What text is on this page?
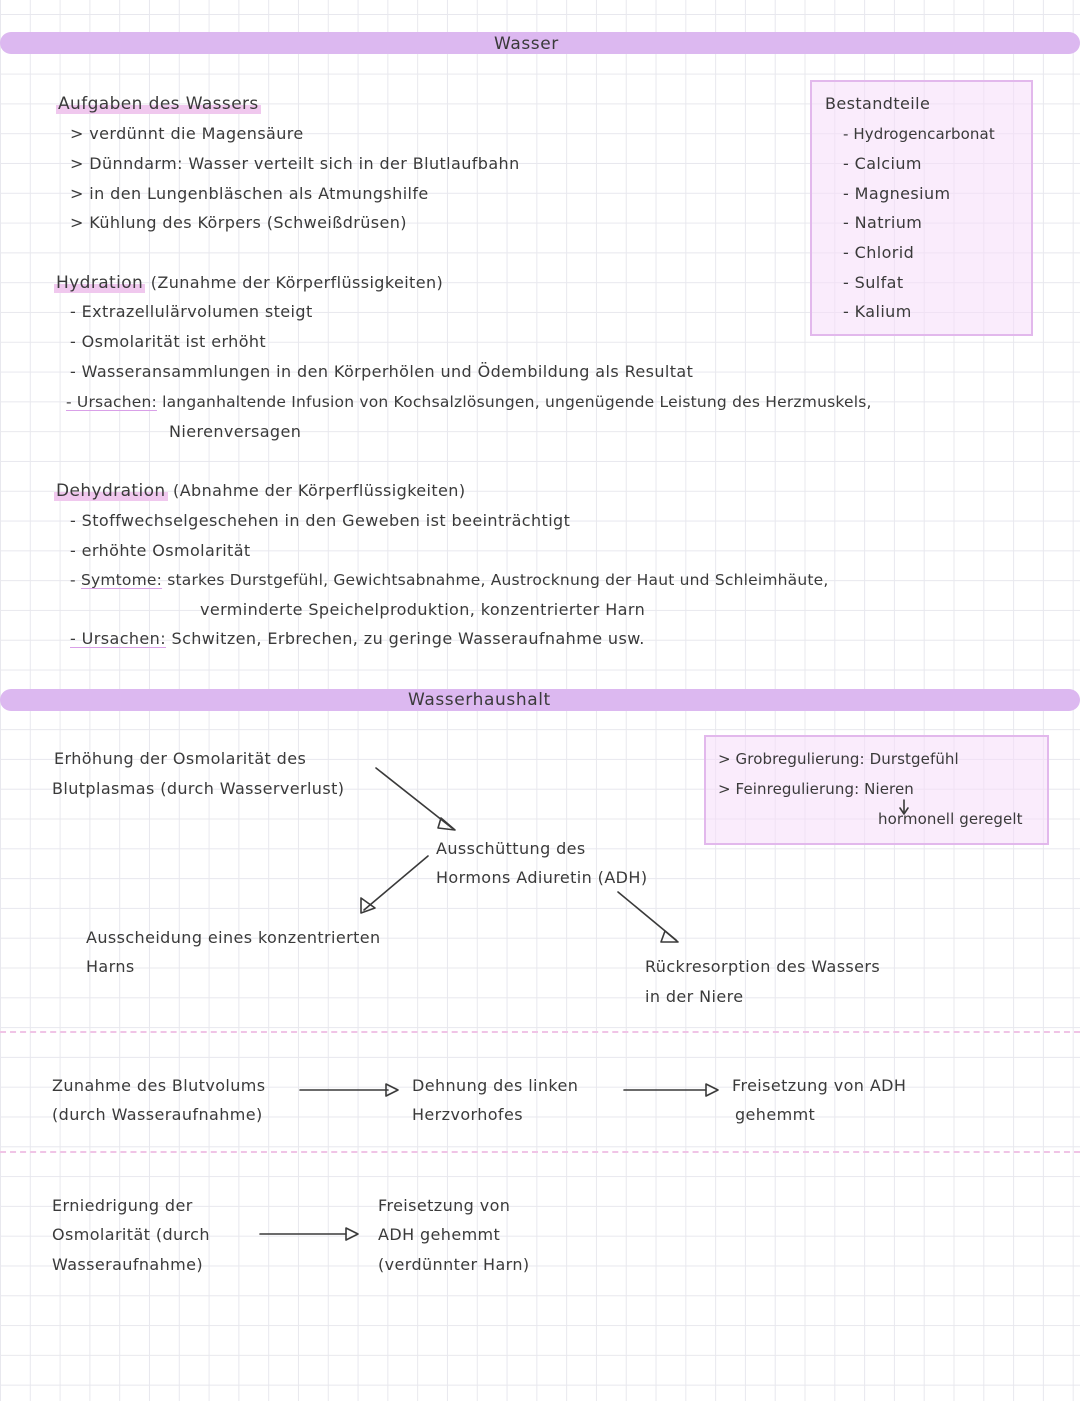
Wasser
Aufgaben des Wassers
> verdünnt die Magensäure
> Dünndarm: Wasser verteilt sich in der Blutlaufbahn
> in den Lungenbläschen als Atmungshilfe
> Kühlung des Körpers (Schweißdrüsen)
Bestandteile
- Hydrogencarbonat
- Calcium
- Magnesium
- Natrium
- Chlorid
- Sulfat
- Kalium
Hydration (Zunahme der Körperflüssigkeiten)
- Extrazellulärvolumen steigt
- Osmolarität ist erhöht
- Wasseransammlungen in den Körperhölen und Ödembildung als Resultat
- Ursachen: langanhaltende Infusion von Kochsalzlösungen, ungenügende Leistung des Herzmuskels,
Nierenversagen
Dehydration (Abnahme der Körperflüssigkeiten)
- Stoffwechselgeschehen in den Geweben ist beeinträchtigt
- erhöhte Osmolarität
- Symtome: starkes Durstgefühl, Gewichtsabnahme, Austrocknung der Haut und Schleimhäute,
verminderte Speichelproduktion, konzentrierter Harn
- Ursachen: Schwitzen, Erbrechen, zu geringe Wasseraufnahme usw.
Wasserhaushalt
> Grobregulierung: Durstgefühl
> Feinregulierung: Nieren
hormonell geregelt
Erhöhung der Osmolarität des
Blutplasmas (durch Wasserverlust)
Ausschüttung des
Hormons Adiuretin (ADH)
Ausscheidung eines konzentrierten
Harns	Rückresorption des Wassers
in der Niere
Zunahme des Blutvolums
(durch Wasseraufnahme)
Dehnung des linken
Herzvorhofes
Freisetzung von ADH
gehemmt
Erniedrigung der
Osmolarität (durch
Wasseraufnahme)
Freisetzung von
ADH gehemmt
(verdünnter Harn)
